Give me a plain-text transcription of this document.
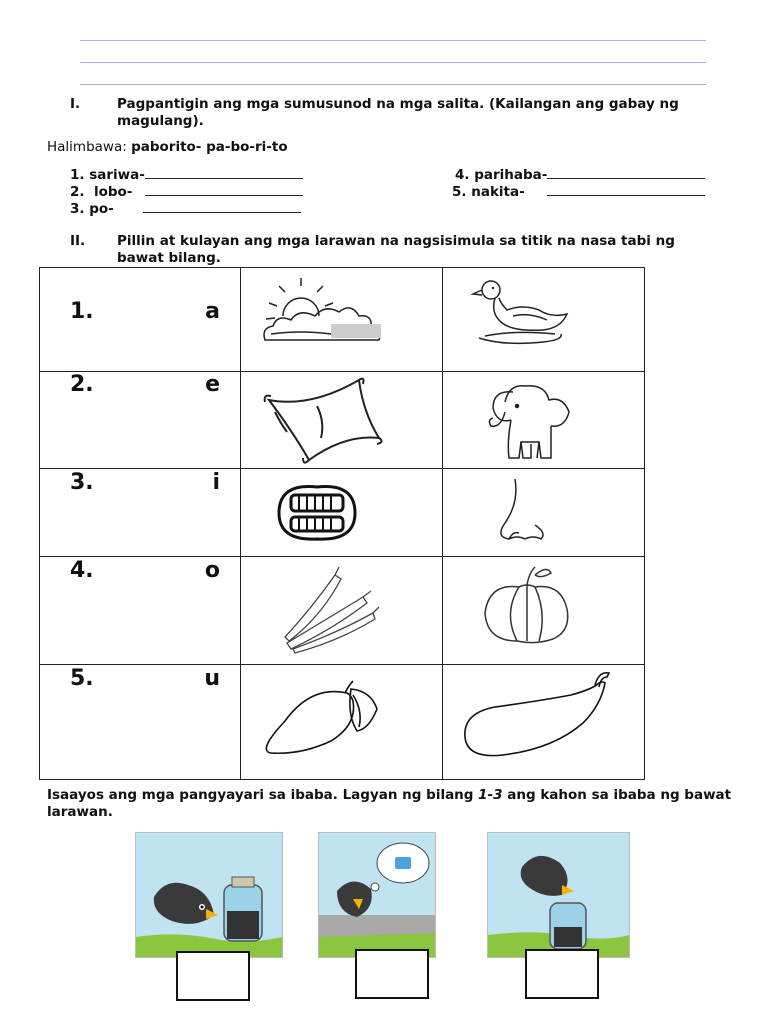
I.	Pagpantigin ang mga sumusunod na mga salita. (Kailangan ang gabay ng magulang).
Halimbawa: paborito- pa-bo-ri-to
1. sariwa-
2. lobo-
3. po-
4. parihaba-
5. nakita-
II. Pillin at kulayan ang mga larawan na nagsisimula sa titik na nasa tabi ng bawat bilang.
1. a

2. e

3. i

4. o

5. u

Isaayos ang mga pangyayari sa ibaba. Lagyan ng bilang 1-3 ang kahon sa ibaba ng bawat larawan.
